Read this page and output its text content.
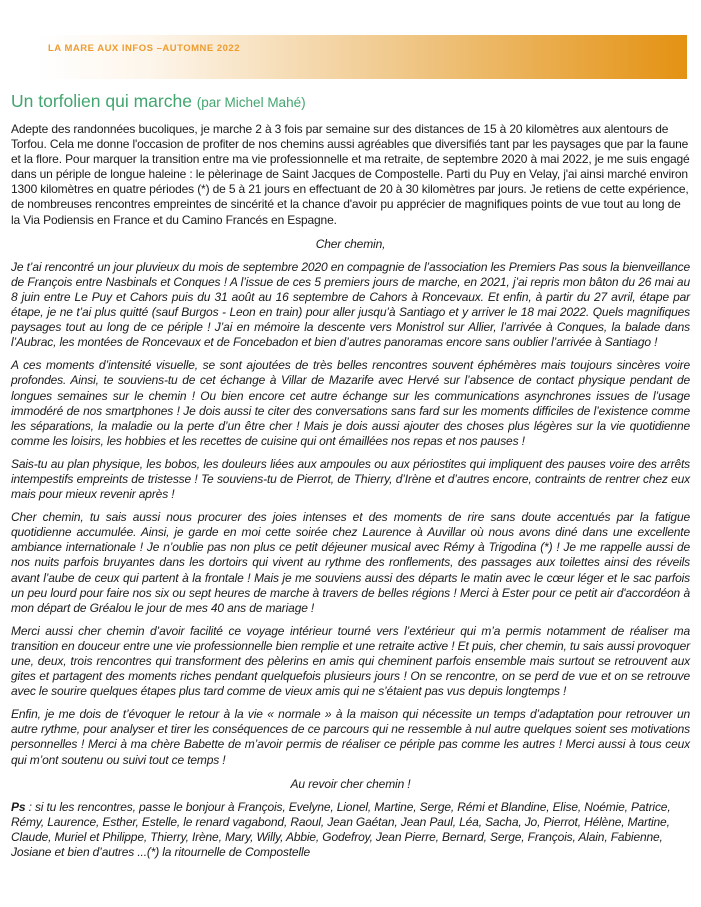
LA MARE AUX INFOS –AUTOMNE 2022
Un torfolien qui marche (par Michel Mahé)

Adepte des randonnées bucoliques, je marche 2 à 3 fois par semaine sur des distances de 15 à 20 kilomètres aux alentours de Torfou. Cela me donne l'occasion de profiter de nos chemins aussi agréables que diversifiés tant par les paysages que par la faune et la flore. Pour marquer la transition entre ma vie professionnelle et ma retraite, de septembre 2020 à mai 2022, je me suis engagé dans un périple de longue haleine : le pèlerinage de Saint Jacques de Compostelle. Parti du Puy en Velay, j'ai ainsi marché environ 1300 kilomètres en quatre périodes (*) de 5 à 21 jours en effectuant de 20 à 30 kilomètres par jours. Je retiens de cette expérience, de nombreuses rencontres empreintes de sincérité et la chance d'avoir pu apprécier de magnifiques points de vue tout au long de la Via Podiensis en France et du Camino Francés en Espagne.

Cher chemin,

Je t’ai rencontré un jour pluvieux du mois de septembre 2020 en compagnie de l’association les Premiers Pas sous la bienveillance de François entre Nasbinals et Conques ! A l’issue de ces 5 premiers jours de marche, en 2021, j’ai repris mon bâton du 26 mai au 8 juin entre Le Puy et Cahors puis du 31 août au 16 septembre de Cahors à Roncevaux. Et enfin, à partir du 27 avril, étape par étape, je ne t’ai plus quitté (sauf Burgos - Leon en train) pour aller jusqu’à Santiago et y arriver le 18 mai 2022. Quels magnifiques paysages tout au long de ce périple ! J’ai en mémoire la descente vers Monistrol sur Allier, l’arrivée à Conques, la balade dans l’Aubrac, les montées de Roncevaux et de Foncebadon et bien d’autres panoramas encore sans oublier l’arrivée à Santiago !

A ces moments d’intensité visuelle, se sont ajoutées de très belles rencontres souvent éphémères mais toujours sincères voire profondes. Ainsi, te souviens-tu de cet échange à Villar de Mazarife avec Hervé sur l’absence de contact physique pendant de longues semaines sur le chemin ! Ou bien encore cet autre échange sur les communications asynchrones issues de l’usage immodéré de nos smartphones ! Je dois aussi te citer des conversations sans fard sur les moments difficiles de l’existence comme les séparations, la maladie ou la perte d’un être cher ! Mais je dois aussi ajouter des choses plus légères sur la vie quotidienne comme les loisirs, les hobbies et les recettes de cuisine qui ont émaillées nos repas et nos pauses !

Sais-tu au plan physique, les bobos, les douleurs liées aux ampoules ou aux périostites qui impliquent des pauses voire des arrêts intempestifs empreints de tristesse ! Te souviens-tu de Pierrot, de Thierry, d’Irène et d’autres encore, contraints de rentrer chez eux mais pour mieux revenir après !

Cher chemin, tu sais aussi nous procurer des joies intenses et des moments de rire sans doute accentués par la fatigue quotidienne accumulée. Ainsi, je garde en moi cette soirée chez Laurence à Auvillar où nous avons diné dans une excellente ambiance internationale ! Je n’oublie pas non plus ce petit déjeuner musical avec Rémy à Trigodina (*) ! Je me rappelle aussi de nos nuits parfois bruyantes dans les dortoirs qui vivent au rythme des ronflements, des passages aux toilettes ainsi des réveils avant l’aube de ceux qui partent à la frontale ! Mais je me souviens aussi des départs le matin avec le cœur léger et le sac parfois un peu lourd pour faire nos six ou sept heures de marche à travers de belles régions ! Merci à Ester pour ce petit air d'accordéon à mon départ de Gréalou le jour de mes 40 ans de mariage !

Merci aussi cher chemin d’avoir facilité ce voyage intérieur tourné vers l’extérieur qui m’a permis notamment de réaliser ma transition en douceur entre une vie professionnelle bien remplie et une retraite active ! Et puis, cher chemin, tu sais aussi provoquer une, deux, trois rencontres qui transforment des pèlerins en amis qui cheminent parfois ensemble mais surtout se retrouvent aux gites et partagent des moments riches pendant quelquefois plusieurs jours ! On se rencontre, on se perd de vue et on se retrouve avec le sourire quelques étapes plus tard comme de vieux amis qui ne s’étaient pas vus depuis longtemps !

Enfin, je me dois de t’évoquer le retour à la vie « normale » à la maison qui nécessite un temps d’adaptation pour retrouver un autre rythme, pour analyser et tirer les conséquences de ce parcours qui ne ressemble à nul autre quelques soient ses motivations personnelles ! Merci à ma chère Babette de m’avoir permis de réaliser ce périple pas comme les autres ! Merci aussi à tous ceux qui m’ont soutenu ou suivi tout ce temps !

Au revoir cher chemin !

Ps : si tu les rencontres, passe le bonjour à François, Evelyne, Lionel, Martine, Serge, Rémi et Blandine, Elise, Noémie, Patrice, Rémy, Laurence, Esther, Estelle, le renard vagabond, Raoul, Jean Gaétan, Jean Paul, Léa, Sacha, Jo, Pierrot, Hélène, Martine, Claude, Muriel et Philippe, Thierry, Irène, Mary, Willy, Abbie, Godefroy, Jean Pierre, Bernard, Serge, François, Alain, Fabienne, Josiane et bien d’autres ...(*) la ritournelle de Compostelle
